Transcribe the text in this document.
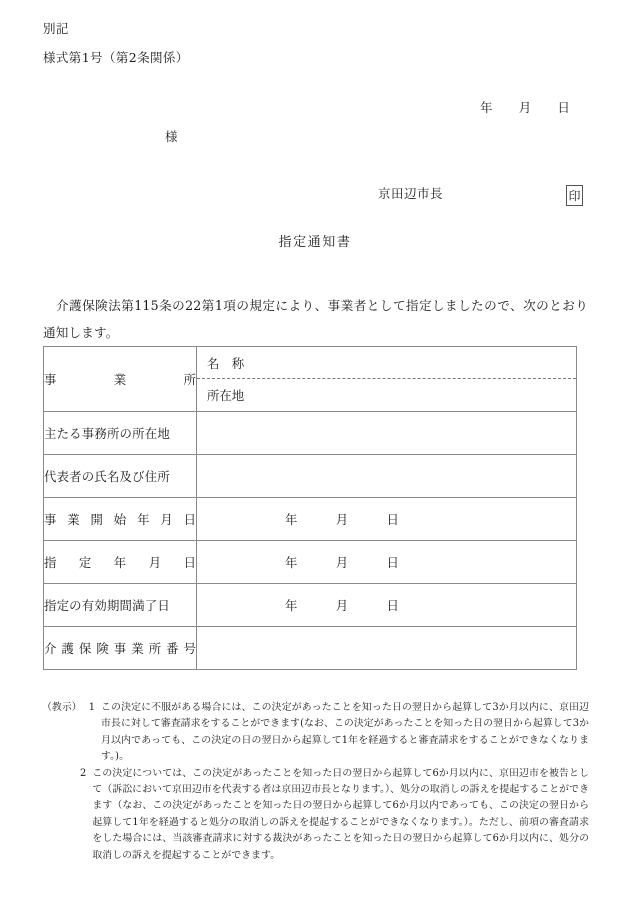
別記
様式第1号（第2条関係）
年　　月　　日
様
京田辺市長	印
指定通知書
介護保険法第115条の22第1項の規定により、事業者として指定しましたので、次のとおり通知します。
事業所	名　称
所在地

主たる事務所の所在地	

代表者の氏名及び住所	

事業開始年月日	年　　　月　　　日

指定年月日	年　　　月　　　日

指定の有効期間満了日	年　　　月　　　日

介護保険事業所番号	

（教示） 1 この決定に不服がある場合には、この決定があったことを知った日の翌日から起算して3か月以内に、京田辺市長に対して審査請求をすることができます(なお、この決定があったことを知った日の翌日から起算して3か月以内であっても、この決定の日の翌日から起算して1年を経過すると審査請求をすることができなくなります。)。
2 この決定については、この決定があったことを知った日の翌日から起算して6か月以内に、京田辺市を被告として（訴訟において京田辺市を代表する者は京田辺市長となります。）、処分の取消しの訴えを提起することができます（なお、この決定があったことを知った日の翌日から起算して6か月以内であっても、この決定の翌日から起算して1年を経過すると処分の取消しの訴えを提起することができなくなります。）。ただし、前項の審査請求をした場合には、当該審査請求に対する裁決があったことを知った日の翌日から起算して6か月以内に、処分の取消しの訴えを提起することができます。
